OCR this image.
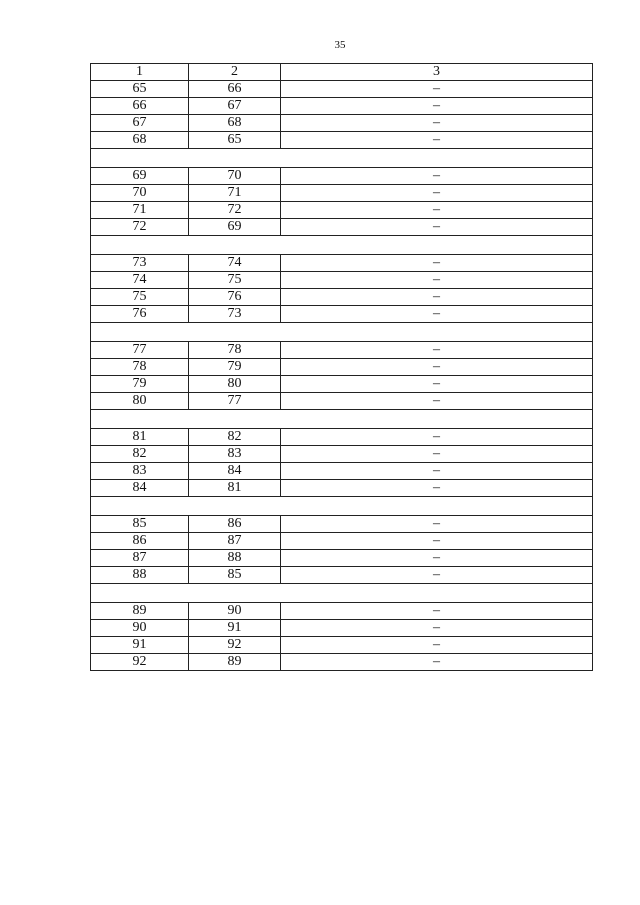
35
1	2	3
65	66	–
66	67	–
67	68	–
68	65	–

69	70	–
70	71	–
71	72	–
72	69	–

73	74	–
74	75	–
75	76	–
76	73	–

77	78	–
78	79	–
79	80	–
80	77	–

81	82	–
82	83	–
83	84	–
84	81	–

85	86	–
86	87	–
87	88	–
88	85	–

89	90	–
90	91	–
91	92	–
92	89	–
